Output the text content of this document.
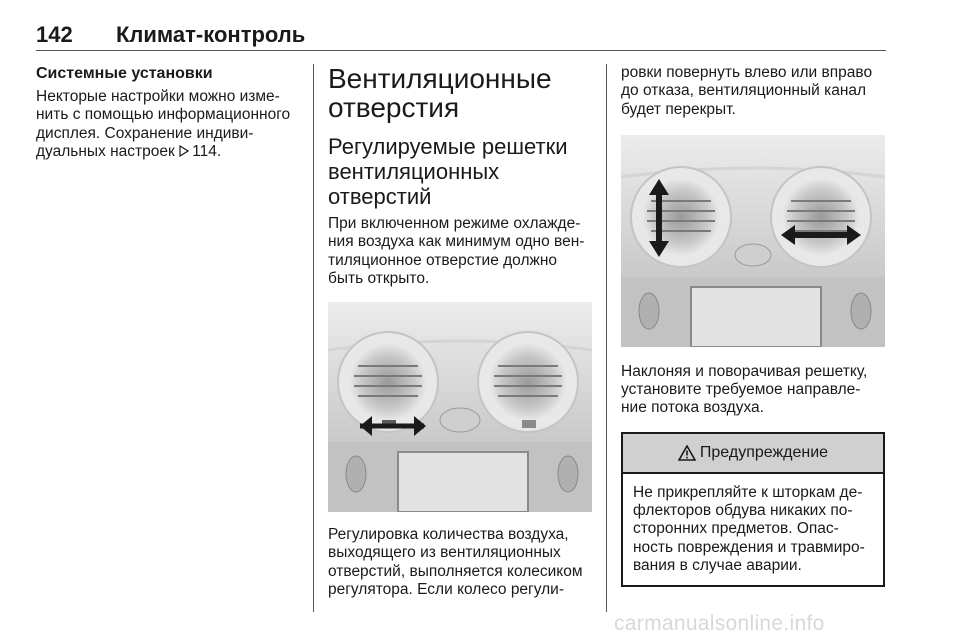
142 Климат-контроль
Системные установки

Некторые настройки можно изме‐ нить с помощью информационного дисплея. Сохранение индиви‐ дуальных настроек 114.

Вентиляционные отверстия
Регулируемые решетки вентиляционных отверстий

При включенном режиме охлажде‐ ния воздуха как минимум одно вен‐ тиляционное отверстие должно быть открыто.

Регулировка количества воздуха, выходящего из вентиляционных отверстий, выполняется колесиком регулятора. Если колесо регули‐

ровки повернуть влево или вправо до отказа, вентиляционный канал будет перекрыт.

Наклоняя и поворачивая решетку, установите требуемое направле‐ ние потока воздуха.

Предупреждение
Не прикрепляйте к шторкам де‐ флекторов обдува никаких по‐ сторонних предметов. Опас‐ ность повреждения и травмиро‐ вания в случае аварии.
carmanualsonline.info
